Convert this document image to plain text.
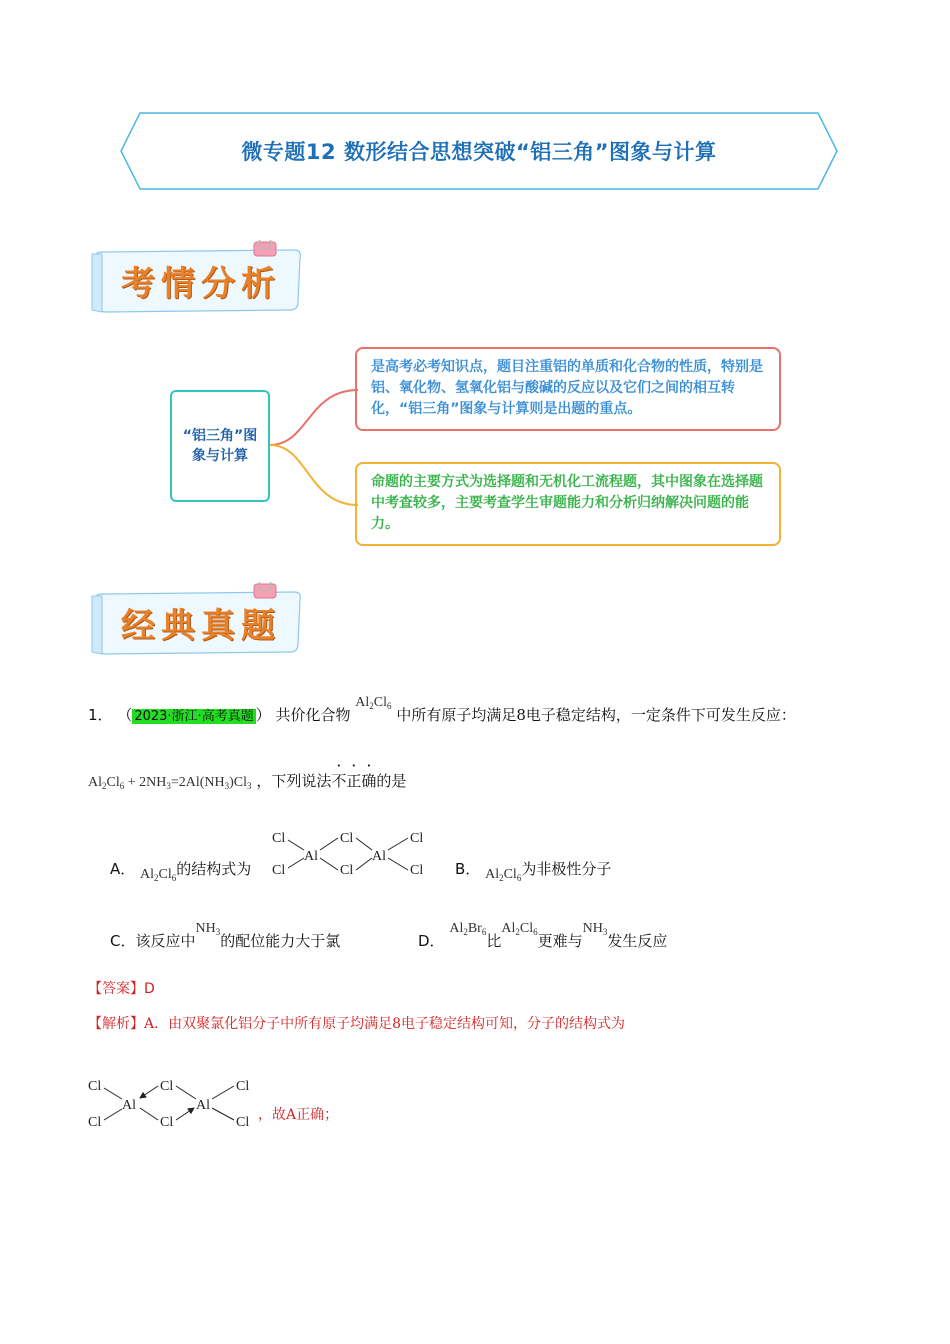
微专题12 数形结合思想突破“铝三角”图象与计算
考情分析
“铝三角”图象与计算
是高考必考知识点，题目注重铝的单质和化合物的性质，特别是铝、氧化物、氢氧化铝与酸碱的反应以及它们之间的相互转化，“铝三角”图象与计算则是出题的重点。
命题的主要方式为选择题和无机化工流程题，其中图象在选择题中考查较多，主要考查学生审题能力和分析归纳解决问题的能力。
经典真题
1． （ 2023·浙江·高考真题 ） 共价化合物 $Al_2Cl_6$ 中所有原子均满足8电子稳定结构，一定条件下可发生反应：
$Al_2Cl_6 + 2NH_3=2Al(NH_3)Cl_3$ ，下列说法不正确的是
A． $Al_2Cl_6$的结构式为
Cl
Cl
Al
Cl
Cl
Al
Cl
Cl B． $Al_2Cl_6$为非极性分子
C．该反应中$NH_3$的配位能力大于氯	D． $Al_2Br_6$比$Al_2Cl_6$更难与$NH_3$发生反应
【答案】D
【解析】A．由双聚氯化铝分子中所有原子均满足8电子稳定结构可知，分子的结构式为
Cl
Cl
Al
Cl
Cl
Al
Cl
Cl ，故A正确；
